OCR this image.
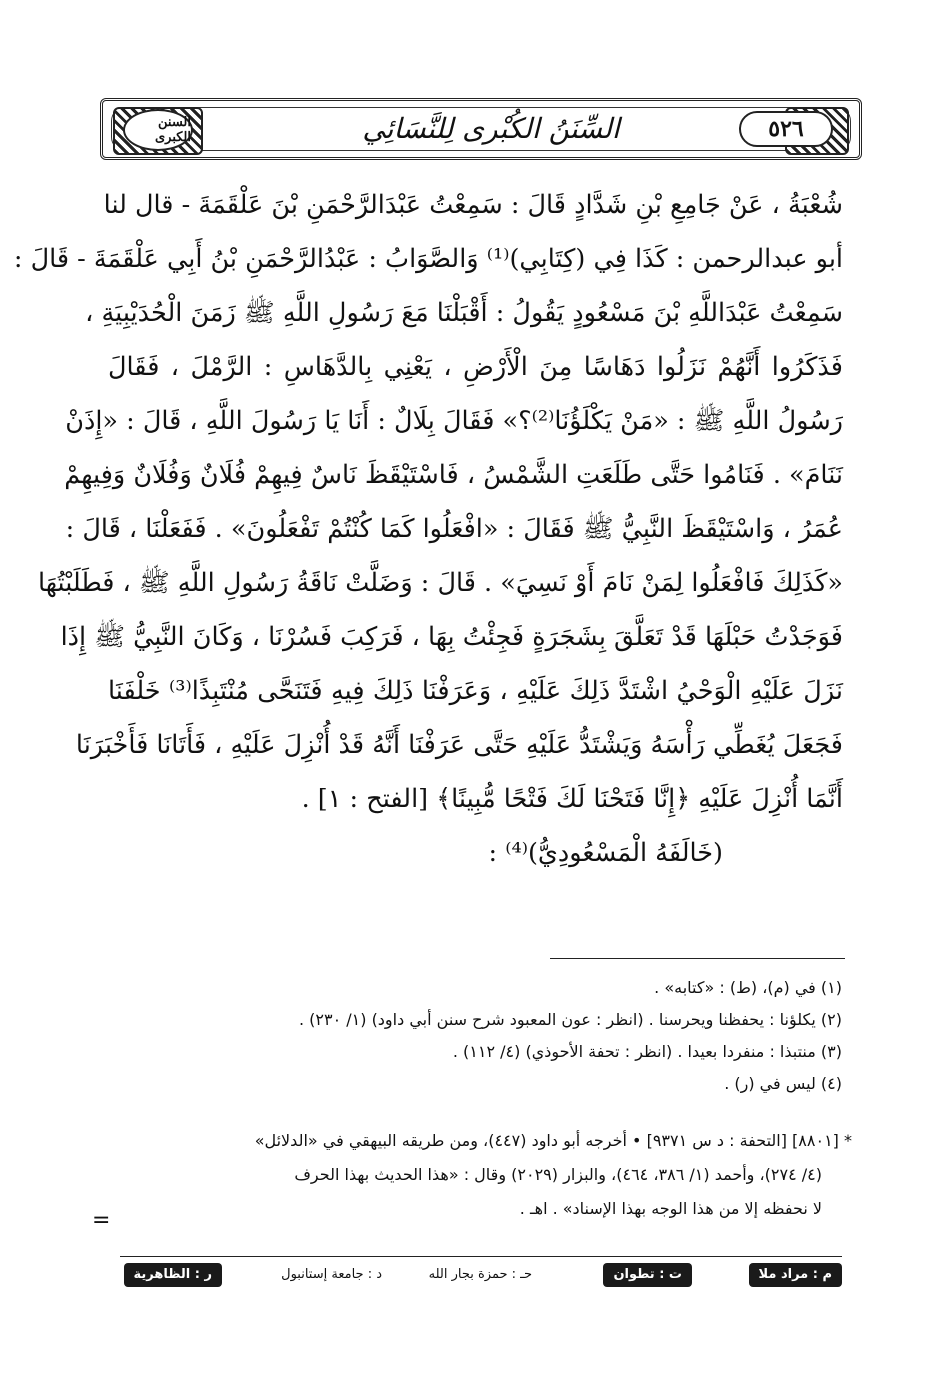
السنن الكبرى	السِّنَنُ الكُبْرى لِلنَّسَائِي	٥٢٦
شُعْبَةُ ، عَنْ جَامِعِ بْنِ شَدَّادٍ قَالَ : سَمِعْتُ عَبْدَالرَّحْمَنِ بْنَ عَلْقَمَةَ - قال لنا
أبو عبدالرحمن : كَذَا فِي (كِتَابِي)⁽¹⁾ وَالصَّوَابُ : عَبْدُالرَّحْمَنِ بْنُ أَبِي عَلْقَمَةَ - قَالَ :
سَمِعْتُ عَبْدَاللَّهِ بْنَ مَسْعُودٍ يَقُولُ : أَقْبَلْنَا مَعَ رَسُولِ اللَّهِ ﷺ زَمَنَ الْحُدَيْبِيَةِ ،
فَذَكَرُوا أَنَّهُمْ نَزَلُوا دَهَاسًا مِنَ الْأَرْضِ ، يَعْنِي بِالدَّهَاسِ : الرَّمْلَ ، فَقَالَ
رَسُولُ اللَّهِ ﷺ : «مَنْ يَكْلَؤُنَا⁽²⁾؟» فَقَالَ بِلَالٌ : أَنَا يَا رَسُولَ اللَّهِ ، قَالَ : «إِذَنْ
نَنَامَ» . فَنَامُوا حَتَّى طَلَعَتِ الشَّمْسُ ، فَاسْتَيْقَظَ نَاسٌ فِيهِمْ فُلَانٌ وَفُلَانٌ وَفِيهِمْ
عُمَرُ ، وَاسْتَيْقَظَ النَّبِيُّ ﷺ فَقَالَ : «افْعَلُوا كَمَا كُنْتُمْ تَفْعَلُونَ» . فَفَعَلْنَا ، قَالَ :
«كَذَلِكَ فَافْعَلُوا لِمَنْ نَامَ أَوْ نَسِيَ» . قَالَ : وَضَلَّتْ نَاقَةُ رَسُولِ اللَّهِ ﷺ ، فَطَلَبْتُهَا
فَوَجَدْتُ حَبْلَهَا قَدْ تَعَلَّقَ بِشَجَرَةٍ فَجِئْتُ بِهَا ، فَرَكِبَ فَسُرْنَا ، وَكَانَ النَّبِيُّ ﷺ إِذَا
نَزَلَ عَلَيْهِ الْوَحْيُ اشْتَدَّ ذَلِكَ عَلَيْهِ ، وَعَرَفْنَا ذَلِكَ فِيهِ فَتَنَحَّى مُنْتَبِذًا⁽³⁾ خَلْفَنَا
فَجَعَلَ يُغَطِّي رَأْسَهُ وَيَشْتَدُّ عَلَيْهِ حَتَّى عَرَفْنَا أَنَّهُ قَدْ أُنْزِلَ عَلَيْهِ ، فَأَتَانَا فَأَخْبَرَنَا
أَنَّمَا أُنْزِلَ عَلَيْهِ ﴿إِنَّا فَتَحْنَا لَكَ فَتْحًا مُّبِينًا﴾ [الفتح : ١] .
(خَالَفَهُ الْمَسْعُودِيُّ)⁽⁴⁾ :
(١) في (م)، (ط) : «كتابه» .
(٢) يكلؤنا : يحفظنا ويحرسنا . (انظر : عون المعبود شرح سنن أبي داود) (١/ ٢٣٠) .
(٣) منتبذا : منفردا بعيدا . (انظر : تحفة الأحوذي) (٤/ ١١٢) .
(٤) ليس في (ر) .
* [٨٨٠١] [التحفة : د س ٩٣٧١] • أخرجه أبو داود (٤٤٧)، ومن طريقه البيهقي في «الدلائل»
(٤/ ٢٧٤)، وأحمد (١/ ٣٨٦، ٤٦٤)، والبزار (٢٠٢٩) وقال : «هذا الحديث بهذا الحرف
لا نحفظه إلا من هذا الوجه بهذا الإسناد» . اهـ .
=
م : مراد ملا
ت : تطوان
حـ : حمزة بجار الله
د : جامعة إستانبول
ر : الظاهرية
